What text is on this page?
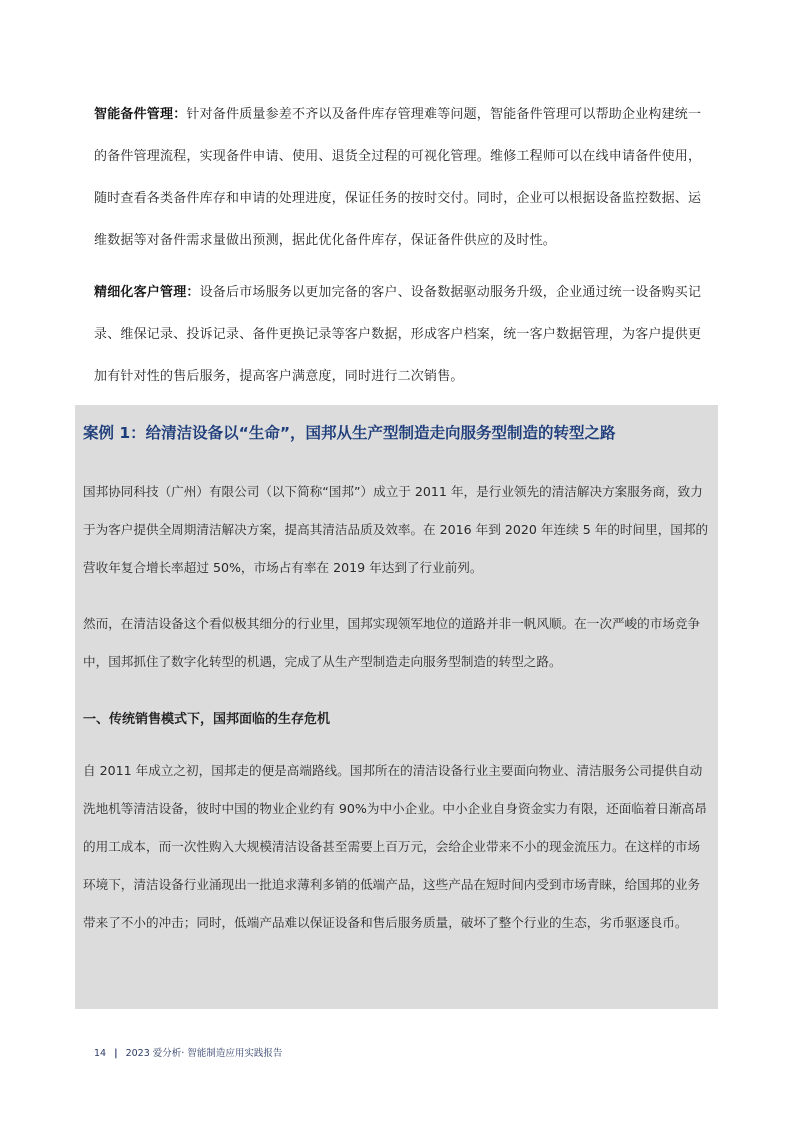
智能备件管理：针对备件质量参差不齐以及备件库存管理难等问题，智能备件管理可以帮助企业构建统一的备件管理流程，实现备件申请、使用、退货全过程的可视化管理。维修工程师可以在线申请备件使用，随时查看各类备件库存和申请的处理进度，保证任务的按时交付。同时，企业可以根据设备监控数据、运维数据等对备件需求量做出预测，据此优化备件库存，保证备件供应的及时性。

精细化客户管理：设备后市场服务以更加完备的客户、设备数据驱动服务升级，企业通过统一设备购买记录、维保记录、投诉记录、备件更换记录等客户数据，形成客户档案，统一客户数据管理，为客户提供更加有针对性的售后服务，提高客户满意度，同时进行二次销售。

案例 1：给清洁设备以“生命”，国邦从生产型制造走向服务型制造的转型之路

国邦协同科技（广州）有限公司（以下简称“国邦”）成立于 2011 年，是行业领先的清洁解决方案服务商，致力于为客户提供全周期清洁解决方案，提高其清洁品质及效率。在 2016 年到 2020 年连续 5 年的时间里，国邦的营收年复合增长率超过 50%，市场占有率在 2019 年达到了行业前列。

然而，在清洁设备这个看似极其细分的行业里，国邦实现领军地位的道路并非一帆风顺。在一次严峻的市场竞争中，国邦抓住了数字化转型的机遇，完成了从生产型制造走向服务型制造的转型之路。

一、传统销售模式下，国邦面临的生存危机

自 2011 年成立之初，国邦走的便是高端路线。国邦所在的清洁设备行业主要面向物业、清洁服务公司提供自动洗地机等清洁设备，彼时中国的物业企业约有 90%为中小企业。中小企业自身资金实力有限，还面临着日渐高昂的用工成本，而一次性购入大规模清洁设备甚至需要上百万元，会给企业带来不小的现金流压力。在这样的市场环境下，清洁设备行业涌现出一批追求薄利多销的低端产品，这些产品在短时间内受到市场青睐，给国邦的业务带来了不小的冲击；同时，低端产品难以保证设备和售后服务质量，破坏了整个行业的生态，劣币驱逐良币。

14 | 2023 爱分析· 智能制造应用实践报告
